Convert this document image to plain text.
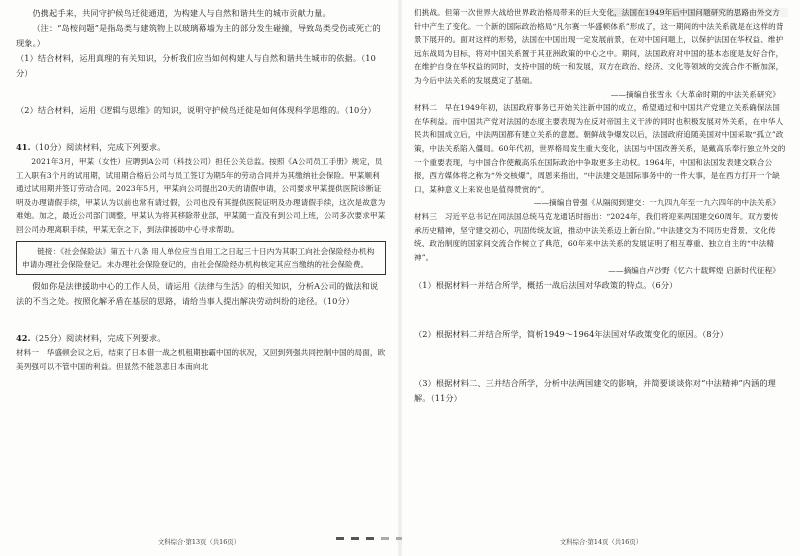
仍携起手来，共同守护候鸟迁徙通道，为构建人与自然和谐共生的城市贡献力量。

（注：“岛桉问题”是指岛类与建筑物上以玻璃幕墙为主的部分发生碰撞，导致岛类受伤或死亡的现象。）

（1）结合材料，运用真理的有关知识，分析我们应当如何构建人与自然和谐共生城市的依据。（10分）

（2）结合材料，运用《逻辑与思维》的知识，说明守护候鸟迁徙是如何体现科学思维的。（10分）

41.（10分）阅读材料，完成下列要求。

2021年3月，甲某（女性）应聘到A公司（科技公司）担任公关总监。按照《A公司员工手册》规定，员工入职有3个月的试用期，试用期合格后公司与员工签订为期5年的劳动合同并为其缴纳社会保险。甲某顺利通过试用期并签订劳动合同。2023年5月，甲某向公司提出20天的请假申请，公司要求甲某提供医院诊断证明及办理请假手续，甲某认为以前也常有请过假，公司也没有其提供医院证明及办理请假手续，这次是故意为难她。加之，最近公司部门调整，甲某认为将其移除带业部，甲某随一直没有到公司上班，公司多次要求甲某回公司办理离职手续，甲某无奈之下，到法律援助中心寻求帮助。

链接：《社会保险法》第五十八条 用人单位应当自用工之日起三十日内为其职工向社会保险经办机构申请办理社会保险登记。未办理社会保险登记的，由社会保险经办机构核定其应当缴纳的社会保险费。

假如你是法律援助中心的工作人员，请运用《法律与生活》的相关知识，分析A公司的做法和说法的不当之处。按照化解矛盾在基层的思路，请给当事人提出解决劳动纠纷的途径。（10分）

42.（25分）阅读材料，完成下列要求。

材料一　华盛顿会议之后，结束了日本借一战之机租期独霸中国的状况，又回到列强共同控制中国的局面，欧美列强可以不管中国的利益。但显然不能忽悲日本南向北

文科综合·第13页（共16页）

们挑战。但第一次世界大战给世界政治格局带来的巨大变化，法国在1949年后中国问题研究的思路由外交方针中产生了变化。一个新的国际政治格局“凡尔赛一华盛顿体系”形成了，这一期间的中法关系就是在这样的背景下展开的。面对这样的形势，法国在中国出现一定发展前景，在对中国问题上，以保护法国在华权益、维护远东战局为目标，将对中国关系置于其亚洲政策的中心之中。期间，法国政府对中国的基本态度是友好合作，在维护自身在华权益的同时，支持中国的统一和发展，双方在政治、经济、文化等领域的交流合作不断加深，为今后中法关系的发展奠定了基础。

——摘编自张雪永《大革命时期的中法关系研究》

材料二　早在1949年初，法国政府事务已开始关注新中国的成立，希望通过和中国共产党建立关系确保法国在华利益。而中国共产党对法国的态度主要表现为在反对帝国主义干涉的同时也积极发展对外关系，在中华人民共和国成立后，中法两国都有建立关系的意愿。朝鲜战争爆发以后，法国政府追随美国对中国采取“孤立”政策，中法关系陷入僵局。60年代初，世界格局发生重大变化，法国与中国改善关系，是戴高乐奉行独立外交的一个重要表现，与中国合作使戴高乐在国际政治中争取更多主动权。1964年，中国和法国发表建交联合公报，西方媒体将之称为“外交核爆”，周恩来指出，“中法建交是国际事务中的一件大事，是在西方打开一个缺口，某种意义上来说也是值得赞赏的”。

——摘编自曾强《从隔阂到建交：一九四九年至一九六四年的中法关系》

材料三　习近平总书记在同法国总统马克龙通话时指出：“2024年，我们将迎来两国建交60周年。双方要传承历史精神，坚守建交初心，巩固传统友谊，推动中法关系迈上新台阶。”中法建交为不同历史背景、文化传统、政治制度的国家间交流合作树立了典范，60年来中法关系的发展证明了相互尊重、独立自主的“中法精神”。

——摘编自卢沙野《忆六十载辉煌 启新时代征程》

（1）根据材料一并结合所学，概括一战后法国对华政策的特点。（6分）

（2）根据材料二并结合所学，简析1949～1964年法国对华政策变化的原因。（8分）

（3）根据材料二、三并结合所学，分析中法两国建交的影响，并简要谈谈你对“中法精神”内涵的理解。（11分）

文科综合·第14页（共16页）
